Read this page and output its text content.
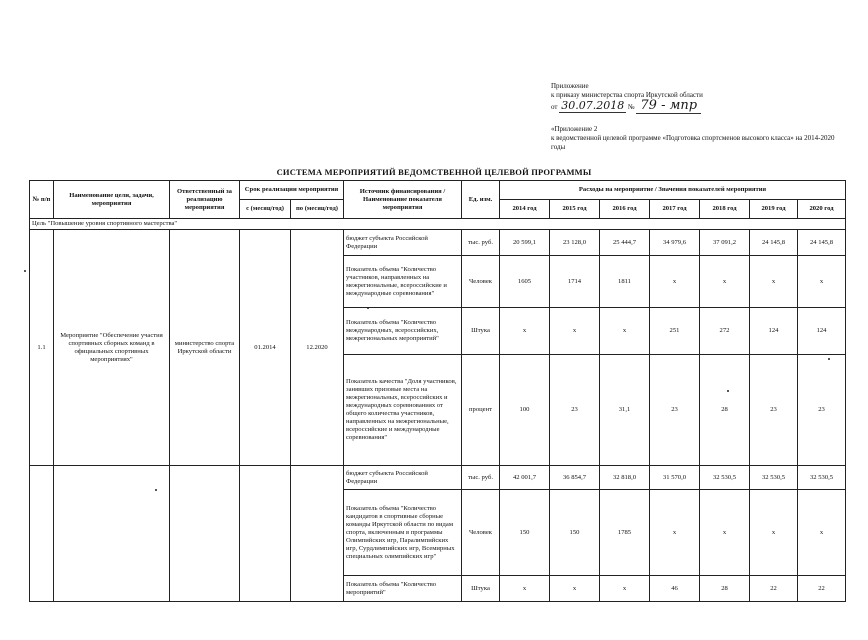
Приложение
к приказу министерства спорта Иркутской области
от 30.07.2018 № 79 - мпр
«Приложение 2
к ведомственной целевой программе «Подготовка спортсменов высокого класса» на 2014-2020
годы
СИСТЕМА МЕРОПРИЯТИЙ ВЕДОМСТВЕННОЙ ЦЕЛЕВОЙ ПРОГРАММЫ
№ п/п	Наименование цели, задачи, мероприятия	Ответственный за реализацию мероприятия	Срок реализации мероприятия		Источник финансирования / Наименование показателя мероприятия	Ед. изм.	Расходы на мероприятие / Значения показателей мероприятия						
			с (месяц/год)	по (месяц/год)			2014 год	2015 год	2016 год	2017 год	2018 год	2019 год	2020 год
Цель "Повышение уровня спортивного мастерства"													
1.1	Мероприятие "Обеспечение участия спортивных сборных команд в официальных спортивных мероприятиях"	министерство спорта Иркутской области	01.2014	12.2020	бюджет субъекта Российской Федерации	тыс. руб.	20 599,1	23 128,0	25 444,7	34 979,6	37 091,2	24 145,8	24 145,8
					Показатель объема "Количество участников, направленных на межрегиональные, всероссийские и международные соревнования"	Человек	1605	1714	1811	х	х	х	х
					Показатель объема "Количество международных, всероссийских, межрегиональных мероприятий"	Штука	х	х	х	251	272	124	124
					Показатель качества "Доля участников, занявших призовые места на межрегиональных, всероссийских и международных соревнованиях от общего количества участников, направленных на межрегиональные, всероссийские и международные соревнования"	процент	100	23	31,1	23	28	23	23
					бюджет субъекта Российской Федерации	тыс. руб.	42 001,7	36 854,7	32 818,0	31 570,0	32 530,5	32 530,5	32 530,5
					Показатель объема "Количество кандидатов в спортивные сборные команды Иркутской области по видам спорта, включенным в программы Олимпийских игр, Паралимпийских игр, Сурдлимпийских игр, Всемирных специальных олимпийских игр"	Человек	150	150	1785	х	х	х	х
					Показатель объема "Количество мероприятий"	Штука	х	х	х	46	28	22	22
